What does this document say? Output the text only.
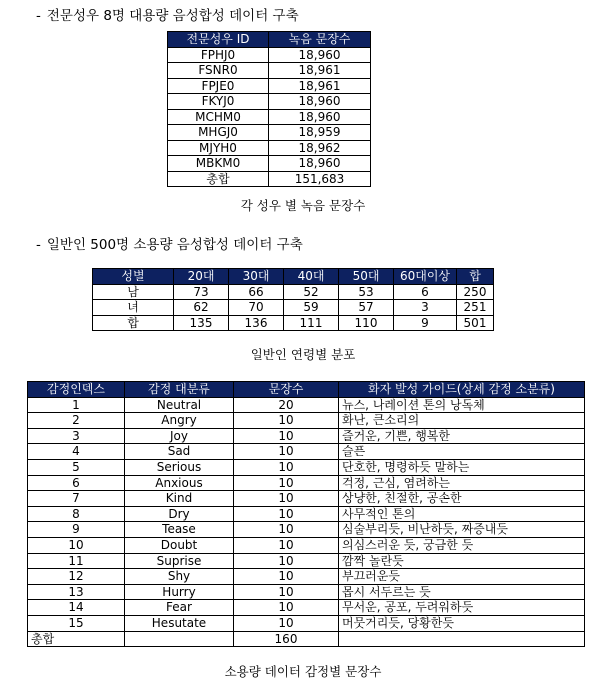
- 전문성우 8명 대용량 음성합성 데이터 구축
전문성우 ID	녹음 문장수
FPHJ0	18,960
FSNR0	18,961
FPJE0	18,961
FKYJ0	18,960
MCHM0	18,960
MHGJ0	18,959
MJYH0	18,962
MBKM0	18,960
총합	151,683
각 성우 별 녹음 문장수
- 일반인 500명 소용량 음성합성 데이터 구축
성별	20대	30대	40대	50대	60대이상	합
남	73	66	52	53	6	250
녀	62	70	59	57	3	251
합	135	136	111	110	9	501
일반인 연령별 분포
감정인덱스	감정 대분류	문장수	화자 발성 가이드(상세 감정 소분류)
1	Neutral	20	뉴스, 나레이션 톤의 낭독체
2	Angry	10	화난, 큰소리의
3	Joy	10	즐거운, 기쁜, 행복한
4	Sad	10	슬픈
5	Serious	10	단호한, 명령하듯 말하는
6	Anxious	10	걱정, 근심, 염려하는
7	Kind	10	상냥한, 친절한, 공손한
8	Dry	10	사무적인 톤의
9	Tease	10	심술부리듯, 비난하듯, 짜증내듯
10	Doubt	10	의심스러운 듯, 궁금한 듯
11	Suprise	10	깜짝 놀란듯
12	Shy	10	부끄러운듯
13	Hurry	10	몹시 서두르는 듯
14	Fear	10	무서운, 공포, 두려워하듯
15	Hesutate	10	머뭇거리듯, 당황한듯
총합		160	
소용량 데이터 감정별 문장수
